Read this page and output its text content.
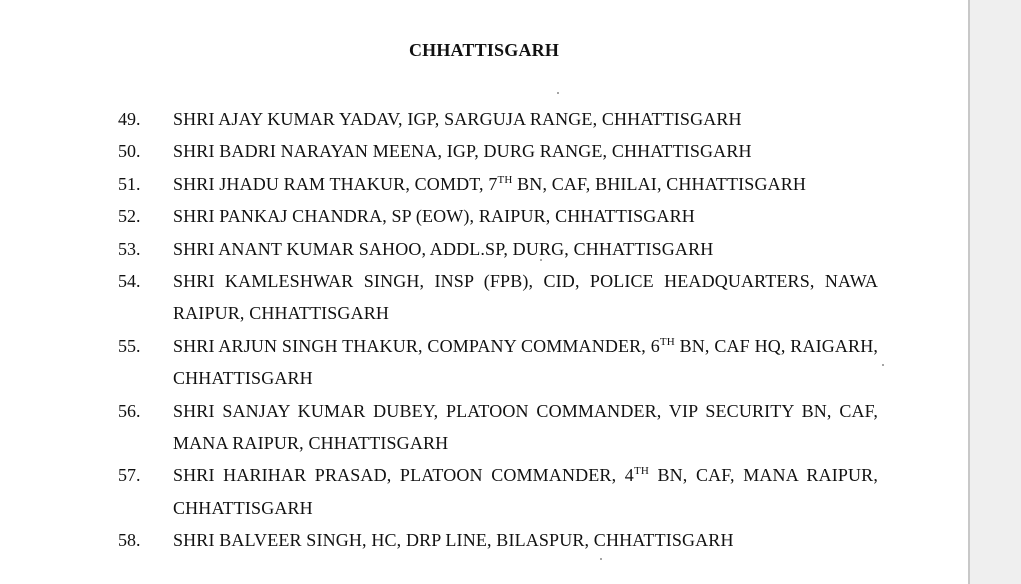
CHHATTISGARH
49.	SHRI AJAY KUMAR YADAV, IGP, SARGUJA RANGE, CHHATTISGARH
50.	SHRI BADRI NARAYAN MEENA, IGP, DURG RANGE, CHHATTISGARH
51.	SHRI JHADU RAM THAKUR, COMDT, 7TH BN, CAF, BHILAI, CHHATTISGARH
52.	SHRI PANKAJ CHANDRA, SP (EOW), RAIPUR, CHHATTISGARH
53.	SHRI ANANT KUMAR SAHOO, ADDL.SP, DURG, CHHATTISGARH
54.	SHRI KAMLESHWAR SINGH, INSP (FPB), CID, POLICE HEADQUARTERS, NAWA RAIPUR, CHHATTISGARH
55.	SHRI ARJUN SINGH THAKUR, COMPANY COMMANDER, 6TH BN, CAF HQ, RAIGARH, CHHATTISGARH
56.	SHRI SANJAY KUMAR DUBEY, PLATOON COMMANDER, VIP SECURITY BN, CAF, MANA RAIPUR, CHHATTISGARH
57.	SHRI HARIHAR PRASAD, PLATOON COMMANDER, 4TH BN, CAF, MANA RAIPUR, CHHATTISGARH
58.	SHRI BALVEER SINGH, HC, DRP LINE, BILASPUR, CHHATTISGARH
